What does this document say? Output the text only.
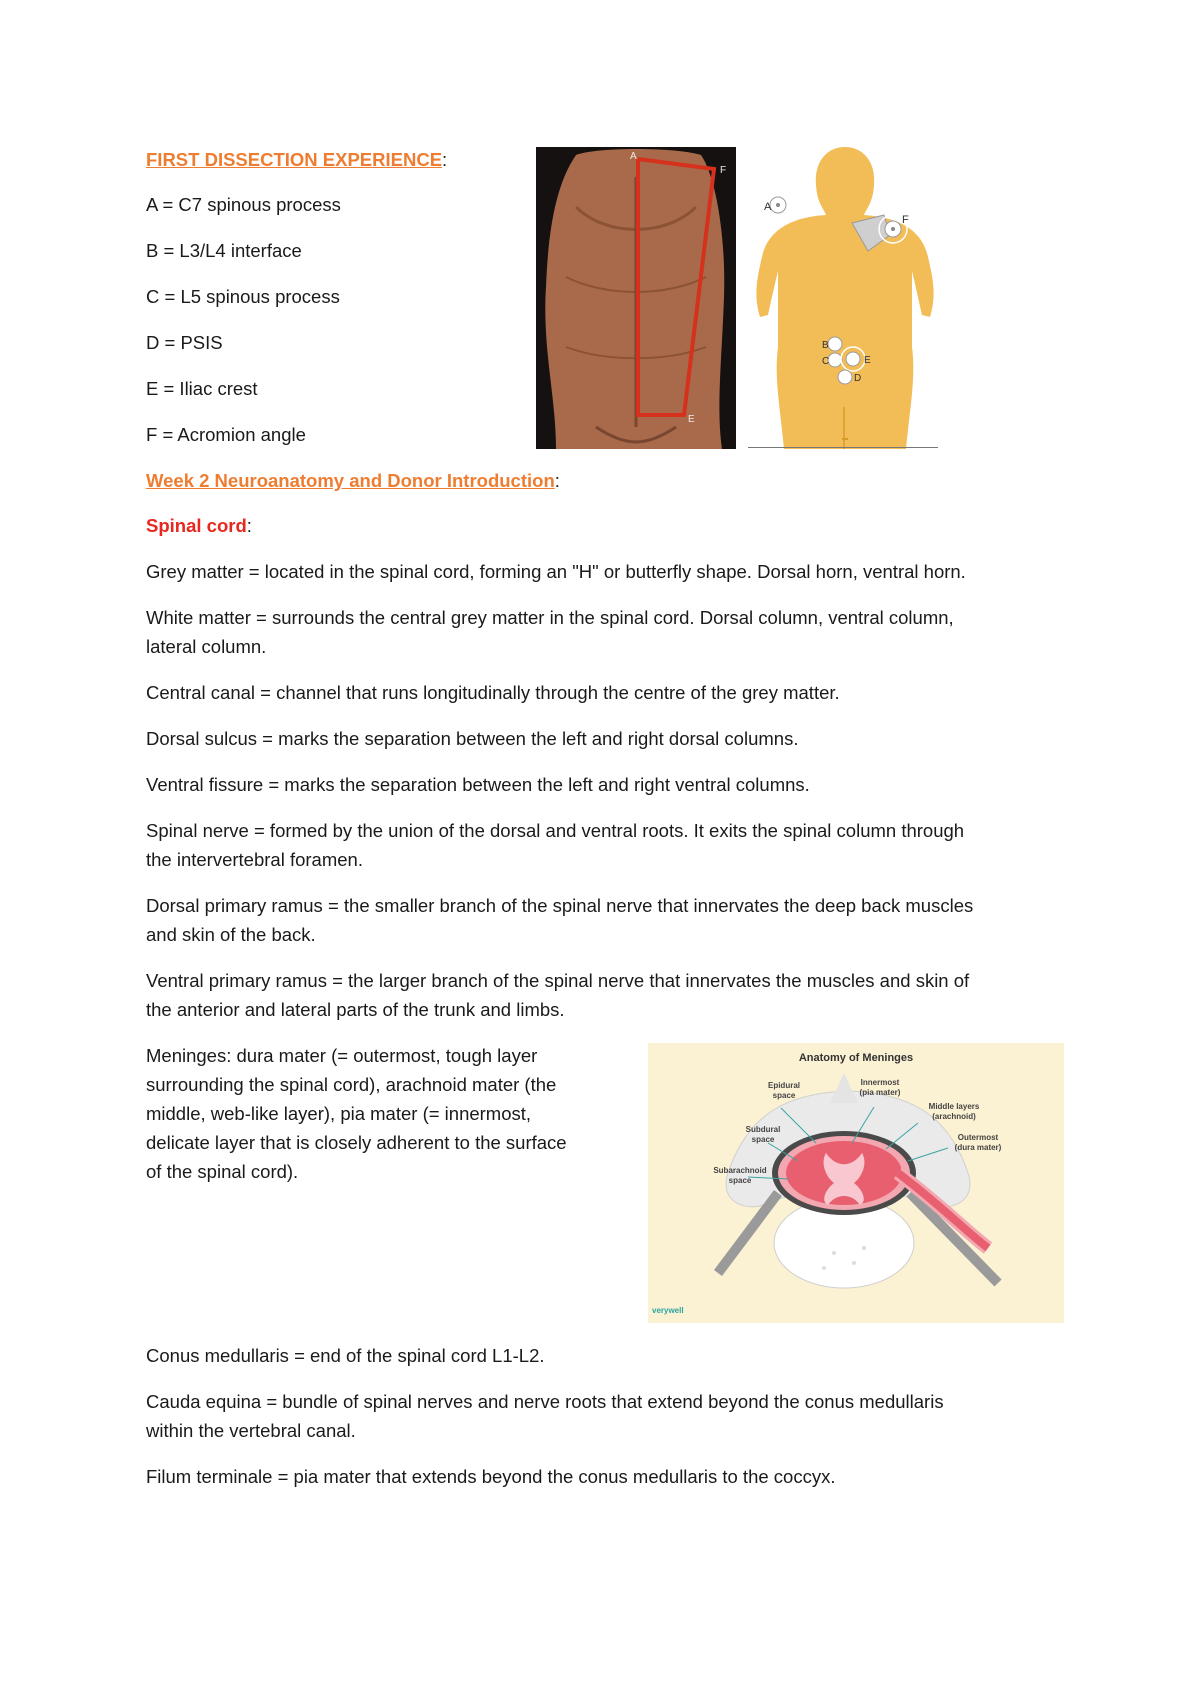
FIRST DISSECTION EXPERIENCE:
A = C7 spinous process
B = L3/L4 interface
C = L5 spinous process
D = PSIS
E = Iliac crest
F = Acromion angle
A
F
E
A
F
B
C	E
D
Week 2 Neuroanatomy and Donor Introduction:
Spinal cord:
Grey matter = located in the spinal cord, forming an "H" or butterfly shape. Dorsal horn, ventral horn.
White matter = surrounds the central grey matter in the spinal cord. Dorsal column, ventral column,
lateral column.
Central canal = channel that runs longitudinally through the centre of the grey matter.
Dorsal sulcus = marks the separation between the left and right dorsal columns.
Ventral fissure = marks the separation between the left and right ventral columns.
Spinal nerve = formed by the union of the dorsal and ventral roots. It exits the spinal column through
the intervertebral foramen.
Dorsal primary ramus = the smaller branch of the spinal nerve that innervates the deep back muscles
and skin of the back.
Ventral primary ramus = the larger branch of the spinal nerve that innervates the muscles and skin of
the anterior and lateral parts of the trunk and limbs.
Meninges: dura mater (= outermost, tough layer
surrounding the spinal cord), arachnoid mater (the
middle, web-like layer), pia mater (= innermost,
delicate layer that is closely adherent to the surface
of the spinal cord).
Anatomy of Meninges
Epidural
space
Innermost
(pia mater)
Middle layers
(arachnoid)
Subdural
space	Outermost
(dura mater)
Subarachnoid
space
verywell
Conus medullaris = end of the spinal cord L1-L2.
Cauda equina = bundle of spinal nerves and nerve roots that extend beyond the conus medullaris
within the vertebral canal.
Filum terminale = pia mater that extends beyond the conus medullaris to the coccyx.
